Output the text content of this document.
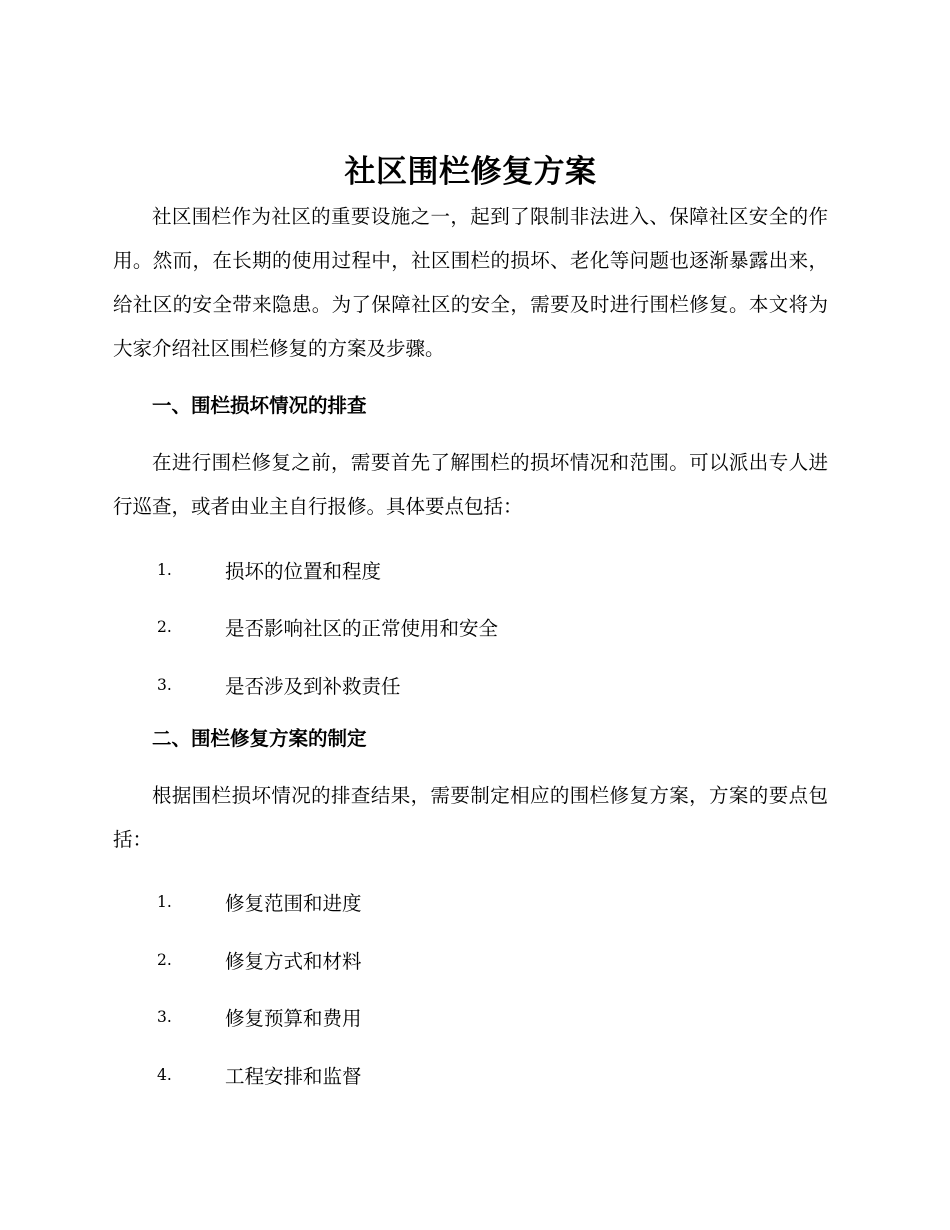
社区围栏修复方案

社区围栏作为社区的重要设施之一，起到了限制非法进入、保障社区安全的作用。然而，在长期的使用过程中，社区围栏的损坏、老化等问题也逐渐暴露出来，给社区的安全带来隐患。为了保障社区的安全，需要及时进行围栏修复。本文将为大家介绍社区围栏修复的方案及步骤。

一、围栏损坏情况的排查

在进行围栏修复之前，需要首先了解围栏的损坏情况和范围。可以派出专人进行巡查，或者由业主自行报修。具体要点包括：

1.	损坏的位置和程度
2.	是否影响社区的正常使用和安全
3.	是否涉及到补救责任
二、围栏修复方案的制定

根据围栏损坏情况的排查结果，需要制定相应的围栏修复方案，方案的要点包括：

1.	修复范围和进度
2.	修复方式和材料
3.	修复预算和费用
4.	工程安排和监督
